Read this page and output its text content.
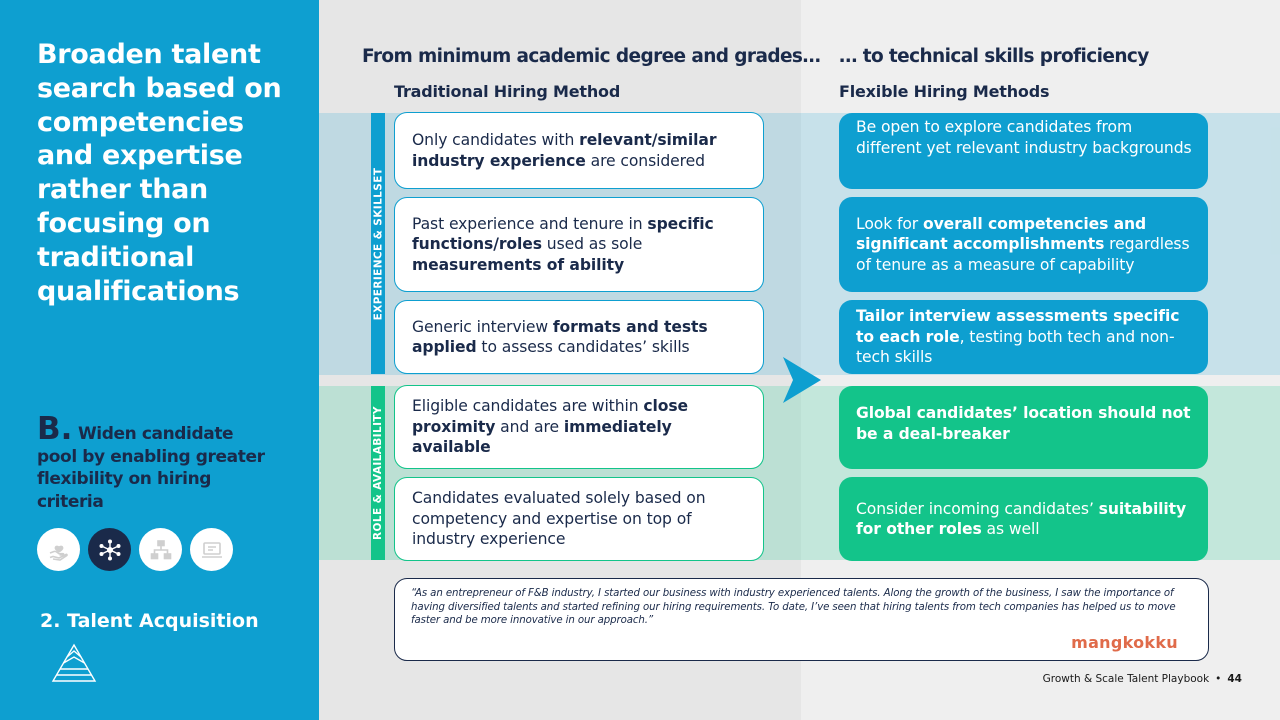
Broaden talent search based on competencies and expertise rather than focusing on traditional qualifications
B. Widen candidate pool by enabling greater flexibility on hiring criteria
2. Talent Acquisition
From minimum academic degree and grades… … to technical skills proficiency
Traditional Hiring Method	Flexible Hiring Methods
EXPERIENCE & SKILLSET
ROLE & AVAILABILITY
Only candidates with relevant/similar industry experience are considered
Past experience and tenure in specific functions/roles used as sole measurements of ability
Generic interview formats and tests applied to assess candidates’ skills
Eligible candidates are within close proximity and are immediately available
Candidates evaluated solely based on competency and expertise on top of industry experience
Be open to explore candidates from different yet relevant industry backgrounds
Look for overall competencies and significant accomplishments regardless of tenure as a measure of capability
Tailor interview assessments specific to each role, testing both tech and non-tech skills
Global candidates’ location should not be a deal-breaker
Consider incoming candidates’ suitability for other roles as well
“As an entrepreneur of F&B industry, I started our business with industry experienced talents. Along the growth of the business, I saw the importance of having diversified talents and started refining our hiring requirements. To date, I’ve seen that hiring talents from tech companies has helped us to move faster and be more innovative in our approach.”
mangkokku
Growth & Scale Talent Playbook • 44
